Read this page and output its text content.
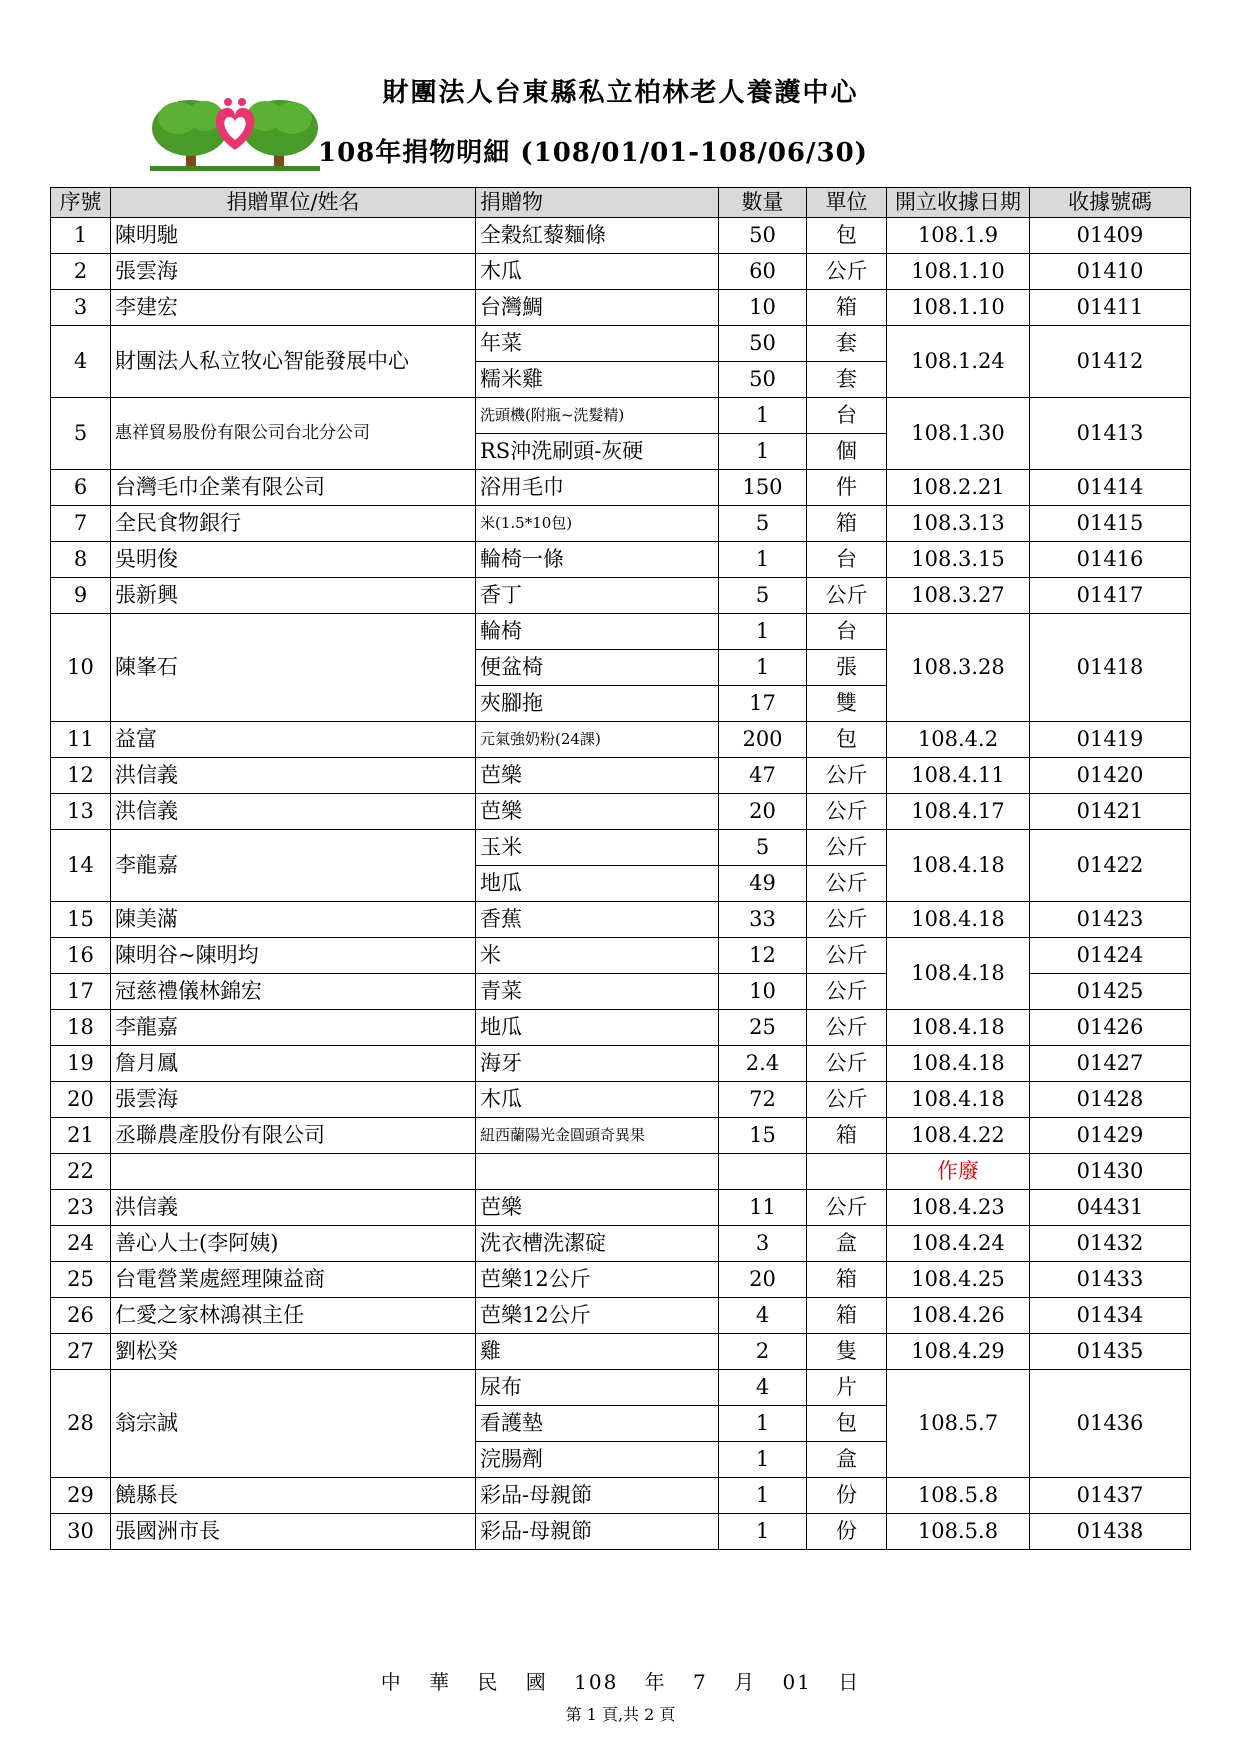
財團法人台東縣私立柏林老人養護中心
108年捐物明細 (108/01/01-108/06/30)
序號	捐贈單位/姓名	捐贈物	數量	單位	開立收據日期	收據號碼
1	陳明馳	全穀紅藜麵條	50	包	108.1.9	01409
2	張雲海	木瓜	60	公斤	108.1.10	01410
3	李建宏	台灣鯛	10	箱	108.1.10	01411
4	財團法人私立牧心智能發展中心	年菜	50	套	108.1.24	01412
		糯米雞	50	套		
5	惠祥貿易股份有限公司台北分公司	洗頭機(附瓶~洗髮精)	1	台	108.1.30	01413
		RS沖洗刷頭-灰硬	1	個		
6	台灣毛巾企業有限公司	浴用毛巾	150	件	108.2.21	01414
7	全民食物銀行	米(1.5*10包)	5	箱	108.3.13	01415
8	吳明俊	輪椅一條	1	台	108.3.15	01416
9	張新興	香丁	5	公斤	108.3.27	01417
10	陳峯石	輪椅	1	台	108.3.28	01418
		便盆椅	1	張		
		夾腳拖	17	雙		
11	益富	元氣強奶粉(24課)	200	包	108.4.2	01419
12	洪信義	芭樂	47	公斤	108.4.11	01420
13	洪信義	芭樂	20	公斤	108.4.17	01421
14	李龍嘉	玉米	5	公斤	108.4.18	01422
		地瓜	49	公斤		
15	陳美滿	香蕉	33	公斤	108.4.18	01423
16	陳明谷~陳明均	米	12	公斤	108.4.18	01424
17	冠慈禮儀林錦宏	青菜	10	公斤		01425
18	李龍嘉	地瓜	25	公斤	108.4.18	01426
19	詹月鳳	海牙	2.4	公斤	108.4.18	01427
20	張雲海	木瓜	72	公斤	108.4.18	01428
21	丞聯農產股份有限公司	紐西蘭陽光金圓頭奇異果	15	箱	108.4.22	01429
22					作廢	01430
23	洪信義	芭樂	11	公斤	108.4.23	04431
24	善心人士(李阿姨)	洗衣槽洗潔碇	3	盒	108.4.24	01432
25	台電營業處經理陳益商	芭樂12公斤	20	箱	108.4.25	01433
26	仁愛之家林鴻祺主任	芭樂12公斤	4	箱	108.4.26	01434
27	劉松癸	雞	2	隻	108.4.29	01435
28	翁宗誠	尿布	4	片	108.5.7	01436
		看護墊	1	包		
		浣腸劑	1	盒		
29	饒縣長	彩品-母親節	1	份	108.5.8	01437
30	張國洲市長	彩品-母親節	1	份	108.5.8	01438
中 華 民 國 108 年 7 月 01 日
第 1 頁,共 2 頁
